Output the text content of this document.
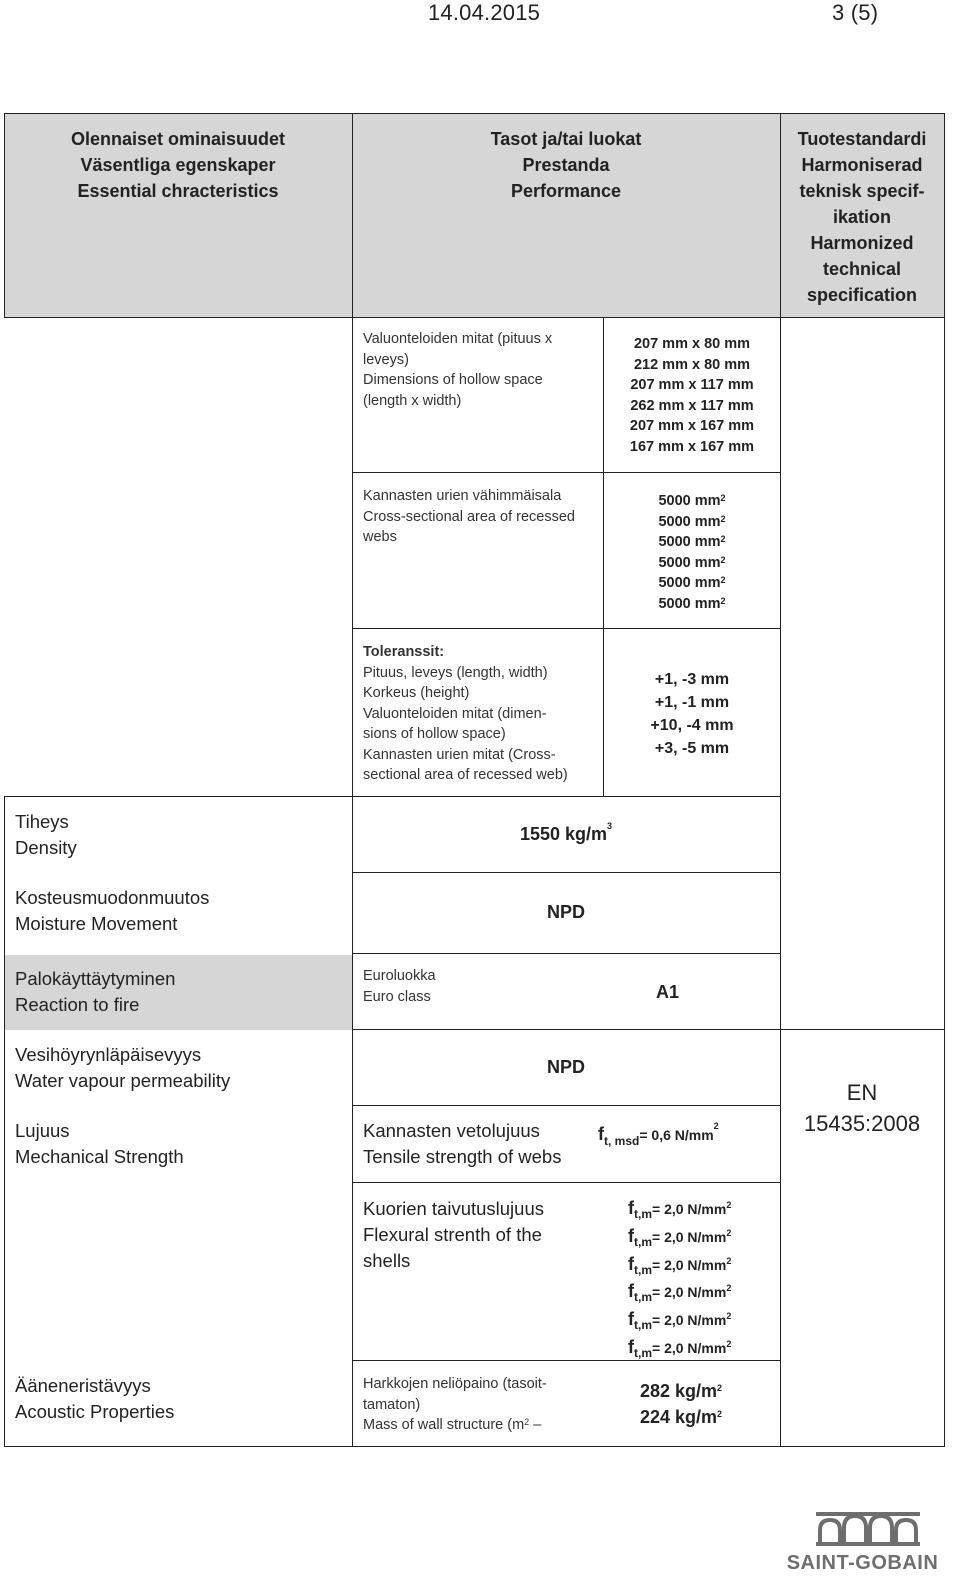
14.04.2015	3 (5)
Olennaiset ominaisuudet
Väsentliga egenskaper
Essential chracteristics
Tasot ja/tai luokat
Prestanda
Performance
Tuotestandardi
Harmoniserad
teknisk specif-
ikation
Harmonized
technical
specification
Valuonteloiden mitat (pituus x
leveys)
Dimensions of hollow space
(length x width)
207 mm x 80 mm
212 mm x 80 mm
207 mm x 117 mm
262 mm x 117 mm
207 mm x 167 mm
167 mm x 167 mm
Kannasten urien vähimmäisala
Cross-sectional area of recessed
webs
5000 $mm^2$
5000 $mm^2$
5000 $mm^2$
5000 $mm^2$
5000 $mm^2$
5000 $mm^2$
Toleranssit:
Pituus, leveys (length, width)
Korkeus (height)
Valuonteloiden mitat (dimen-
sions of hollow space)
Kannasten urien mitat (Cross-
sectional area of recessed web)
+1, -3 mm
+1, -1 mm
+10, -4 mm
+3, -5 mm
Tiheys
Density
1550 $kg/m^3$
Kosteusmuodonmuutos
Moisture Movement
NPD
Palokäyttäytyminen
Reaction to fire
Euroluokka
Euro class	A1
Vesihöyrynläpäisevyys
Water vapour permeability
NPD
Lujuus
Mechanical Strength
Kannasten vetolujuus
Tensile strength of webs
$f_{t, msd}= 0,6$ $N/mm^2$
EN
15435:2008
Kuorien taivutuslujuus
Flexural strenth of the
shells
$f_{t,m}= 2,0$ $N/mm^2$
$f_{t,m}= 2,0$ $N/mm^2$
$f_{t,m}= 2,0$ $N/mm^2$
$f_{t,m}= 2,0$ $N/mm^2$
$f_{t,m}= 2,0$ $N/mm^2$
$f_{t,m}= 2,0$ $N/mm^2$
Ääneneristävyys
Acoustic Properties
Harkkojen neliöpaino (tasoit-
tamaton)
Mass of wall structure ($m^2$ –
282 $kg/m^2$
224 $kg/m^2$
SAINT-GOBAIN
